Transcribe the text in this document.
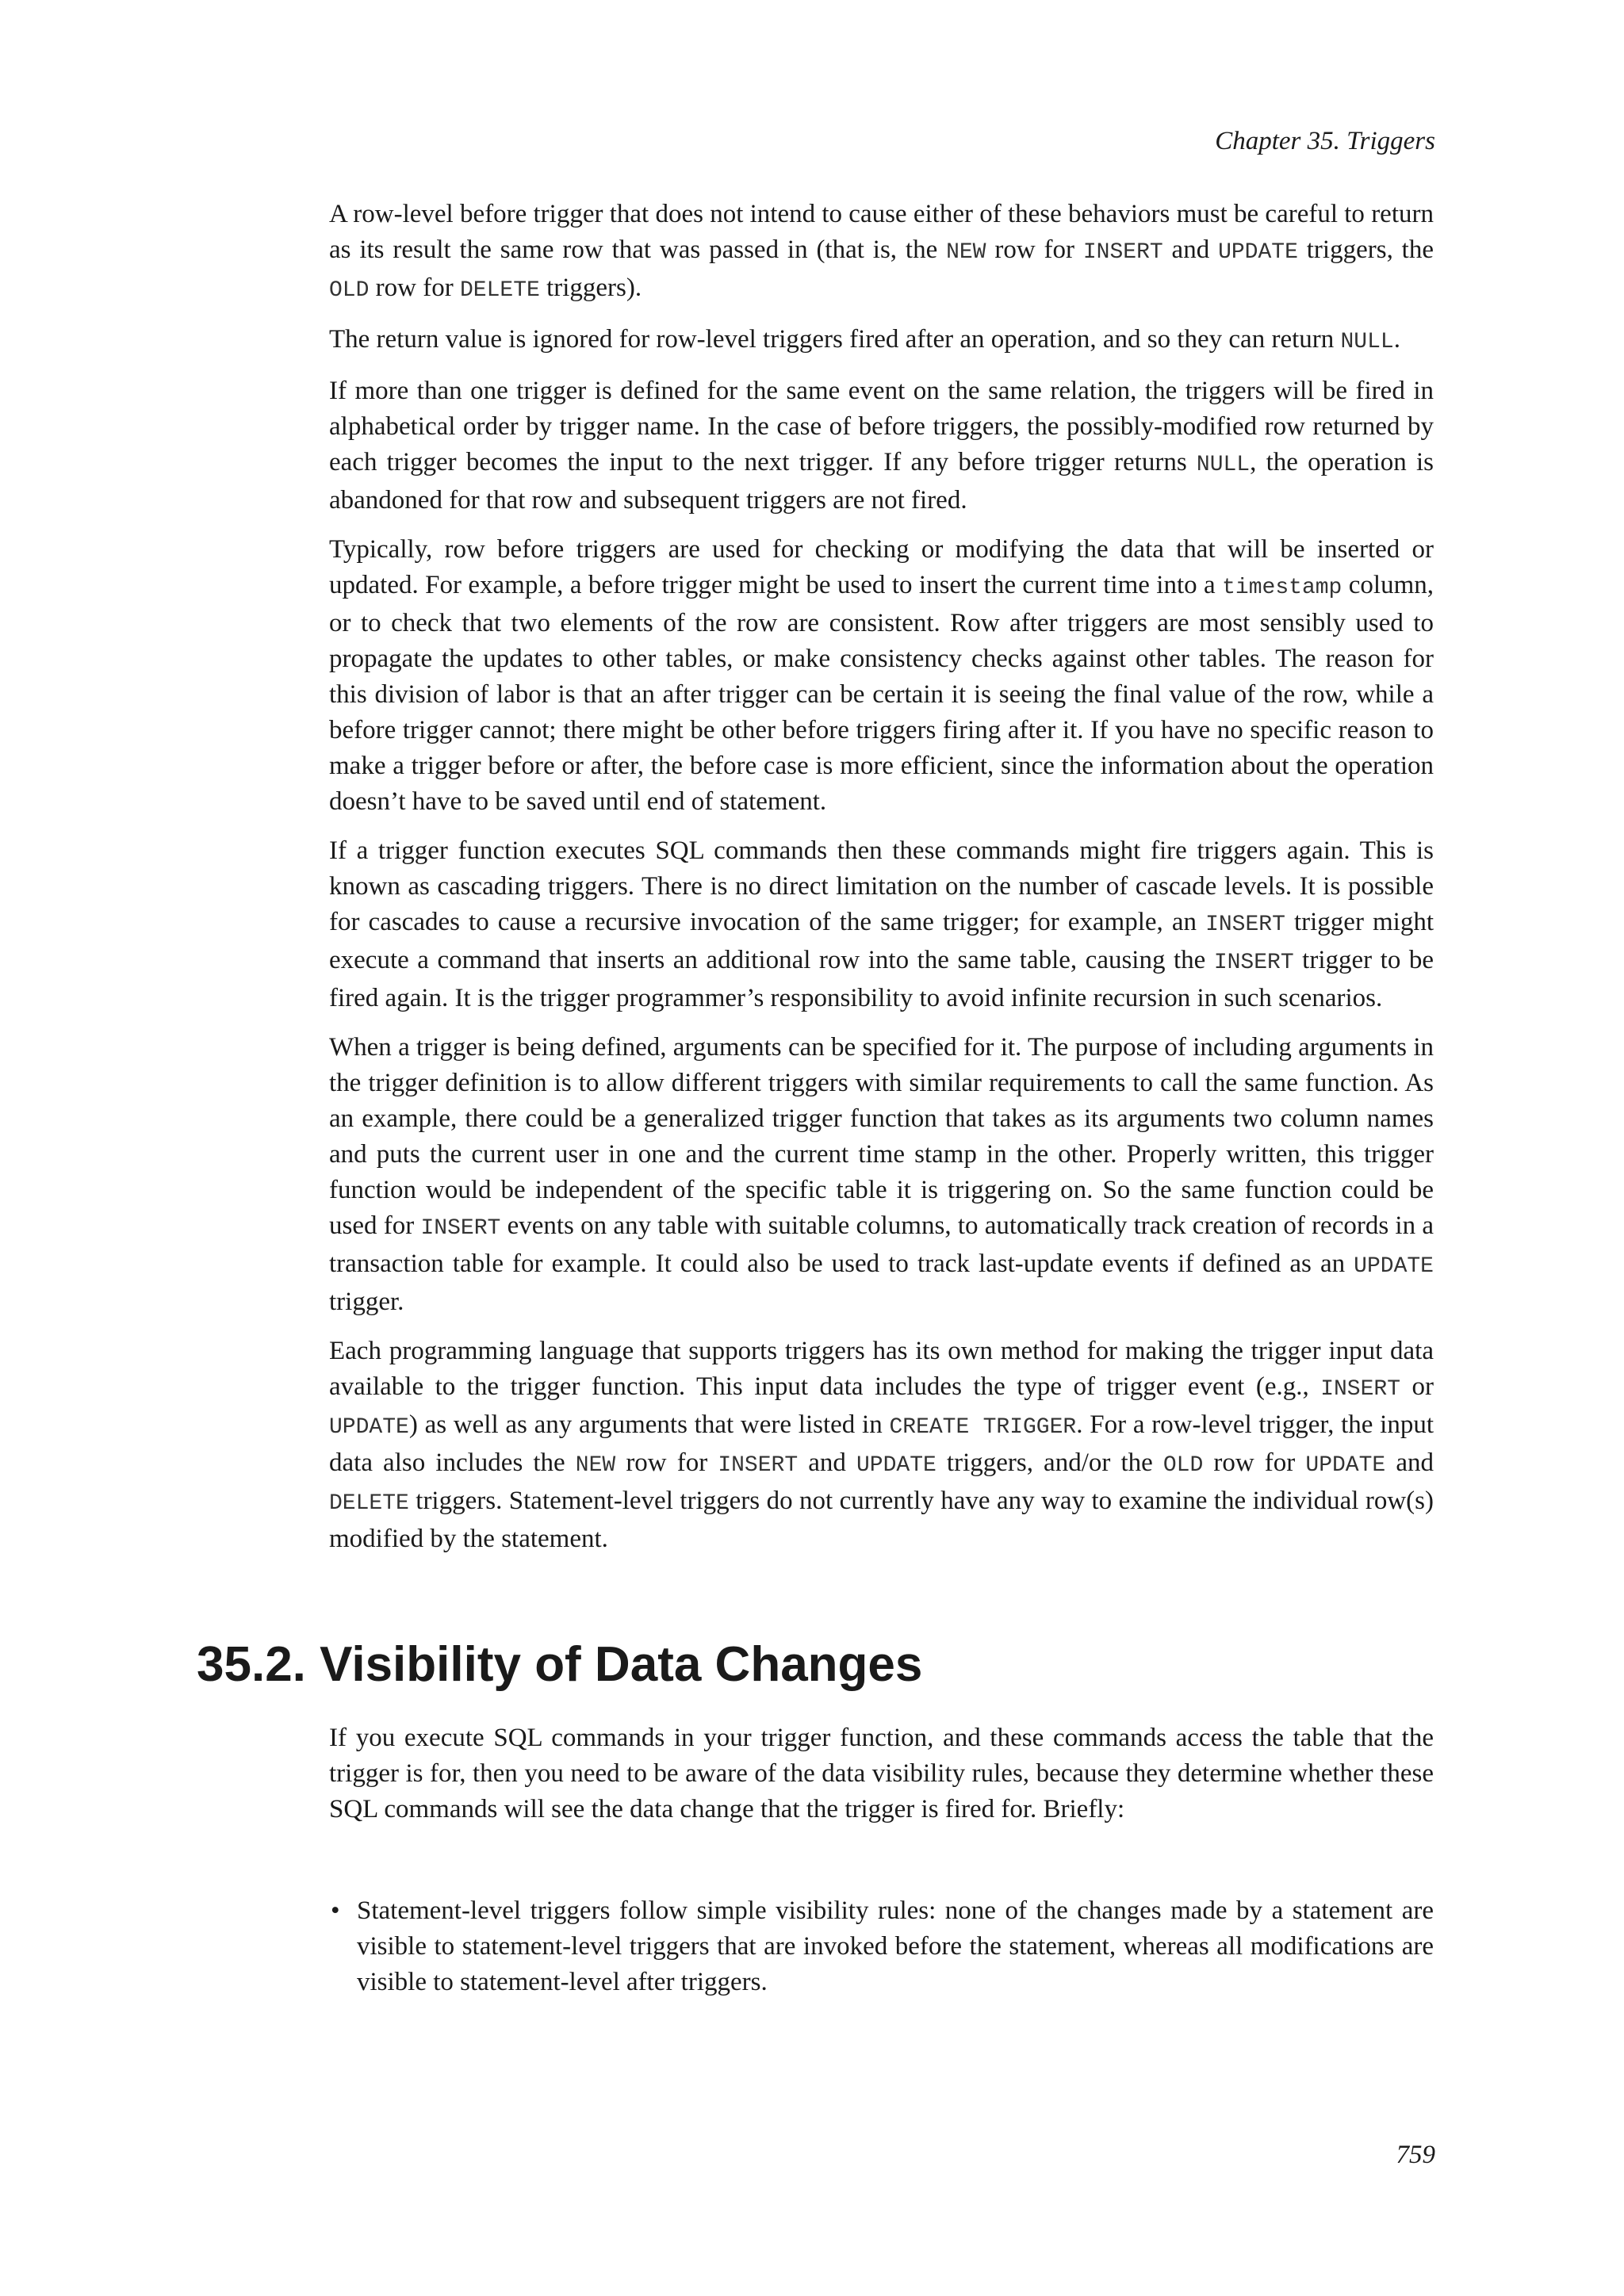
Chapter 35. Triggers

A row-level before trigger that does not intend to cause either of these behaviors must be careful to return as its result the same row that was passed in (that is, the NEW row for INSERT and UPDATE triggers, the OLD row for DELETE triggers).

The return value is ignored for row-level triggers fired after an operation, and so they can return NULL.

If more than one trigger is defined for the same event on the same relation, the triggers will be fired in alphabetical order by trigger name. In the case of before triggers, the possibly-modified row returned by each trigger becomes the input to the next trigger. If any before trigger returns NULL, the operation is abandoned for that row and subsequent triggers are not fired.

Typically, row before triggers are used for checking or modifying the data that will be inserted or updated. For example, a before trigger might be used to insert the current time into a timestamp column, or to check that two elements of the row are consistent. Row after triggers are most sensibly used to propagate the updates to other tables, or make consistency checks against other tables. The reason for this division of labor is that an after trigger can be certain it is seeing the final value of the row, while a before trigger cannot; there might be other before triggers firing after it. If you have no specific reason to make a trigger before or after, the before case is more efficient, since the information about the operation doesn’t have to be saved until end of statement.

If a trigger function executes SQL commands then these commands might fire triggers again. This is known as cascading triggers. There is no direct limitation on the number of cascade levels. It is possible for cascades to cause a recursive invocation of the same trigger; for example, an INSERT trigger might execute a command that inserts an additional row into the same table, causing the INSERT trigger to be fired again. It is the trigger programmer’s responsibility to avoid infinite recursion in such scenarios.

When a trigger is being defined, arguments can be specified for it. The purpose of including arguments in the trigger definition is to allow different triggers with similar requirements to call the same function. As an example, there could be a generalized trigger function that takes as its arguments two column names and puts the current user in one and the current time stamp in the other. Properly written, this trigger function would be independent of the specific table it is triggering on. So the same function could be used for INSERT events on any table with suitable columns, to automatically track creation of records in a transaction table for example. It could also be used to track last-update events if defined as an UPDATE trigger.

Each programming language that supports triggers has its own method for making the trigger input data available to the trigger function. This input data includes the type of trigger event (e.g., INSERT or UPDATE) as well as any arguments that were listed in CREATE TRIGGER. For a row-level trigger, the input data also includes the NEW row for INSERT and UPDATE triggers, and/or the OLD row for UPDATE and DELETE triggers. Statement-level triggers do not currently have any way to examine the individual row(s) modified by the statement.

35.2. Visibility of Data Changes

If you execute SQL commands in your trigger function, and these commands access the table that the trigger is for, then you need to be aware of the data visibility rules, because they determine whether these SQL commands will see the data change that the trigger is fired for. Briefly:

• Statement-level triggers follow simple visibility rules: none of the changes made by a statement are visible to statement-level triggers that are invoked before the statement, whereas all modifications are visible to statement-level after triggers.
759
